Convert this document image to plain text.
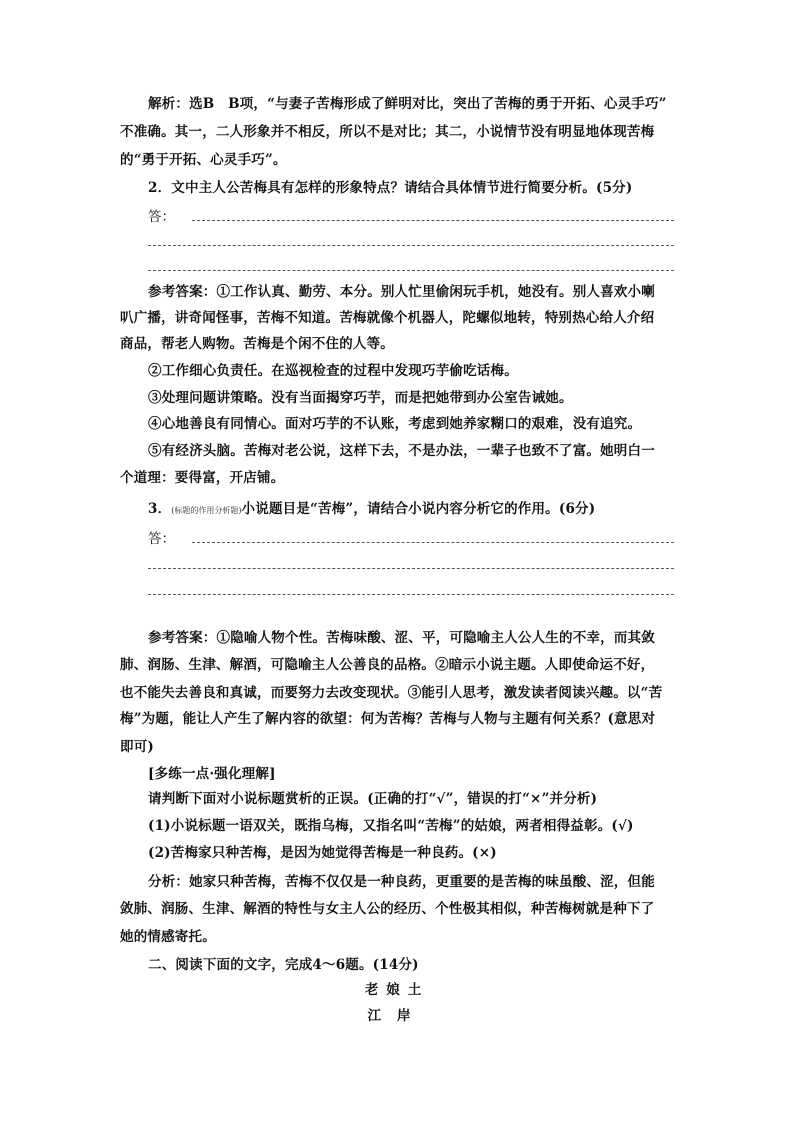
解析：选B　B项，“与妻子苦梅形成了鲜明对比，突出了苦梅的勇于开拓、心灵手巧”
不准确。其一，二人形象并不相反，所以不是对比；其二，小说情节没有明显地体现苦梅
的“勇于开拓、心灵手巧”。
2．文中主人公苦梅具有怎样的形象特点？请结合具体情节进行简要分析。(5分)
答：
参考答案：①工作认真、勤劳、本分。别人忙里偷闲玩手机，她没有。别人喜欢小喇
叭广播，讲奇闻怪事，苦梅不知道。苦梅就像个机器人，陀螺似地转，特别热心给人介绍
商品，帮老人购物。苦梅是个闲不住的人等。
②工作细心负责任。在巡视检查的过程中发现巧芋偷吃话梅。
③处理问题讲策略。没有当面揭穿巧芋，而是把她带到办公室告诫她。
④心地善良有同情心。面对巧芋的不认账，考虑到她养家糊口的艰难，没有追究。
⑤有经济头脑。苦梅对老公说，这样下去，不是办法，一辈子也致不了富。她明白一
个道理：要得富，开店铺。
3．(标题的作用分析题)小说题目是“苦梅”，请结合小说内容分析它的作用。(6分)
答：
参考答案：①隐喻人物个性。苦梅味酸、涩、平，可隐喻主人公人生的不幸，而其敛
肺、润肠、生津、解酒，可隐喻主人公善良的品格。②暗示小说主题。人即使命运不好，
也不能失去善良和真诚，而要努力去改变现状。③能引人思考，激发读者阅读兴趣。以“苦
梅”为题，能让人产生了解内容的欲望：何为苦梅？苦梅与人物与主题有何关系？(意思对
即可)
[多练一点·强化理解]
请判断下面对小说标题赏析的正误。(正确的打“√”，错误的打“×”并分析)
(1)小说标题一语双关，既指乌梅，又指名叫“苦梅”的姑娘，两者相得益彰。(√)
(2)苦梅家只种苦梅，是因为她觉得苦梅是一种良药。(×)
分析：她家只种苦梅，苦梅不仅仅是一种良药，更重要的是苦梅的味虽酸、涩，但能
敛肺、润肠、生津、解酒的特性与女主人公的经历、个性极其相似，种苦梅树就是种下了
她的情感寄托。
二、阅读下面的文字，完成4～6题。(14分)
老娘土
江岸
